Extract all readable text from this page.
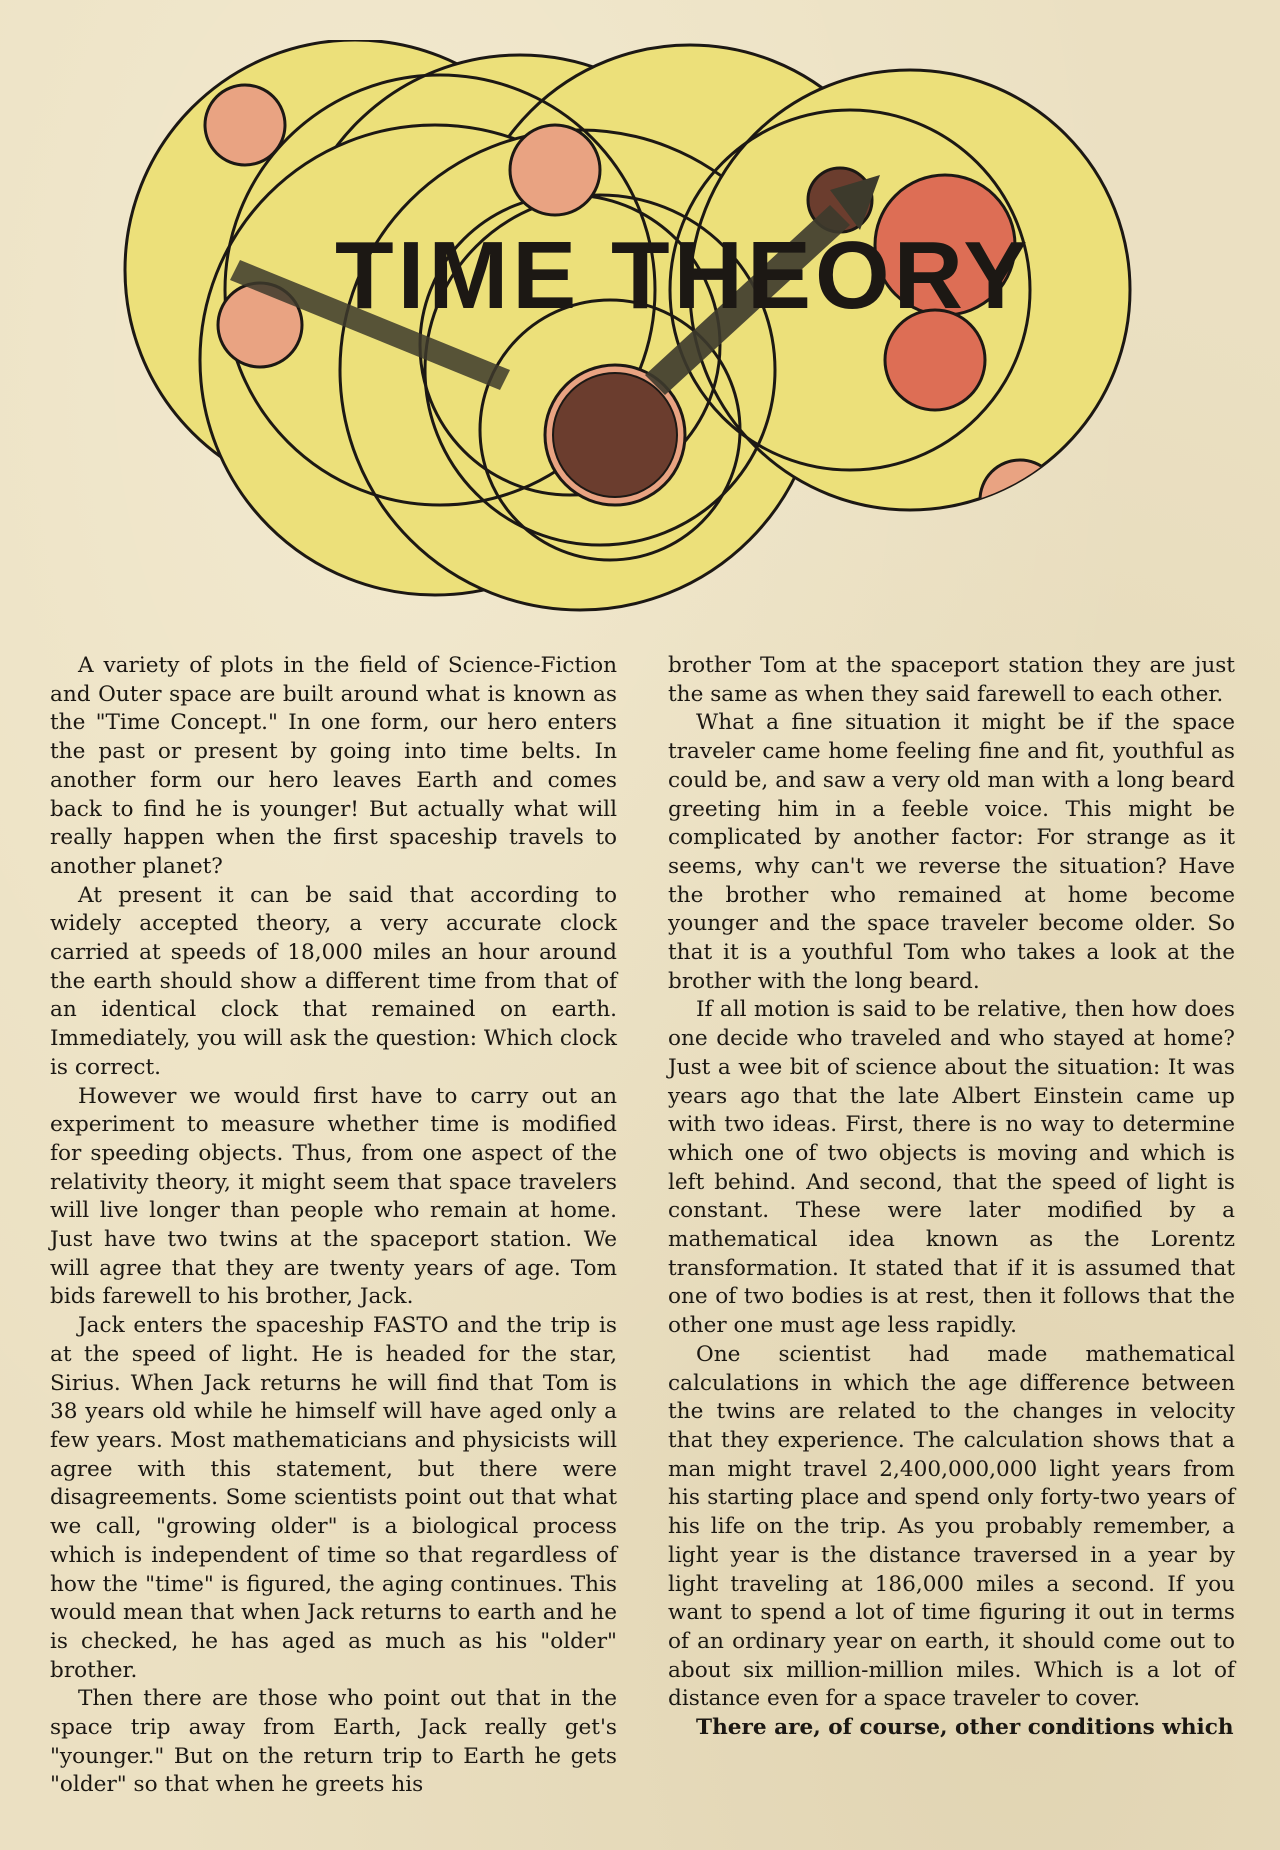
TIME THEORY

A variety of plots in the field of Science-Fiction and Outer space are built around what is known as the "Time Concept." In one form, our hero enters the past or present by going into time belts. In another form our hero leaves Earth and comes back to find he is younger! But actually what will really happen when the first spaceship travels to another planet?

At present it can be said that according to widely accepted theory, a very accurate clock carried at speeds of 18,000 miles an hour around the earth should show a different time from that of an identical clock that remained on earth. Immediately, you will ask the question: Which clock is correct.

However we would first have to carry out an experiment to measure whether time is modified for speeding objects. Thus, from one aspect of the relativity theory, it might seem that space travelers will live longer than people who remain at home. Just have two twins at the spaceport station. We will agree that they are twenty years of age. Tom bids farewell to his brother, Jack.

Jack enters the spaceship FASTO and the trip is at the speed of light. He is headed for the star, Sirius. When Jack returns he will find that Tom is 38 years old while he himself will have aged only a few years. Most mathematicians and physicists will agree with this statement, but there were disagreements. Some scientists point out that what we call, "growing older" is a biological process which is independent of time so that regardless of how the "time" is figured, the aging continues. This would mean that when Jack returns to earth and he is checked, he has aged as much as his "older" brother.

Then there are those who point out that in the space trip away from Earth, Jack really get's "younger." But on the return trip to Earth he gets "older" so that when he greets his

brother Tom at the spaceport station they are just the same as when they said farewell to each other.

What a fine situation it might be if the space traveler came home feeling fine and fit, youthful as could be, and saw a very old man with a long beard greeting him in a feeble voice. This might be complicated by another factor: For strange as it seems, why can't we reverse the situation? Have the brother who remained at home become younger and the space traveler become older. So that it is a youthful Tom who takes a look at the brother with the long beard.

If all motion is said to be relative, then how does one decide who traveled and who stayed at home? Just a wee bit of science about the situation: It was years ago that the late Albert Einstein came up with two ideas. First, there is no way to determine which one of two objects is moving and which is left behind. And second, that the speed of light is constant. These were later modified by a mathematical idea known as the Lorentz transformation. It stated that if it is assumed that one of two bodies is at rest, then it follows that the other one must age less rapidly.

One scientist had made mathematical calculations in which the age difference between the twins are related to the changes in velocity that they experience. The calculation shows that a man might travel 2,400,000,000 light years from his starting place and spend only forty-two years of his life on the trip. As you probably remember, a light year is the distance traversed in a year by light traveling at 186,000 miles a second. If you want to spend a lot of time figuring it out in terms of an ordinary year on earth, it should come out to about six million-million miles. Which is a lot of distance even for a space traveler to cover.

There are, of course, other conditions which
